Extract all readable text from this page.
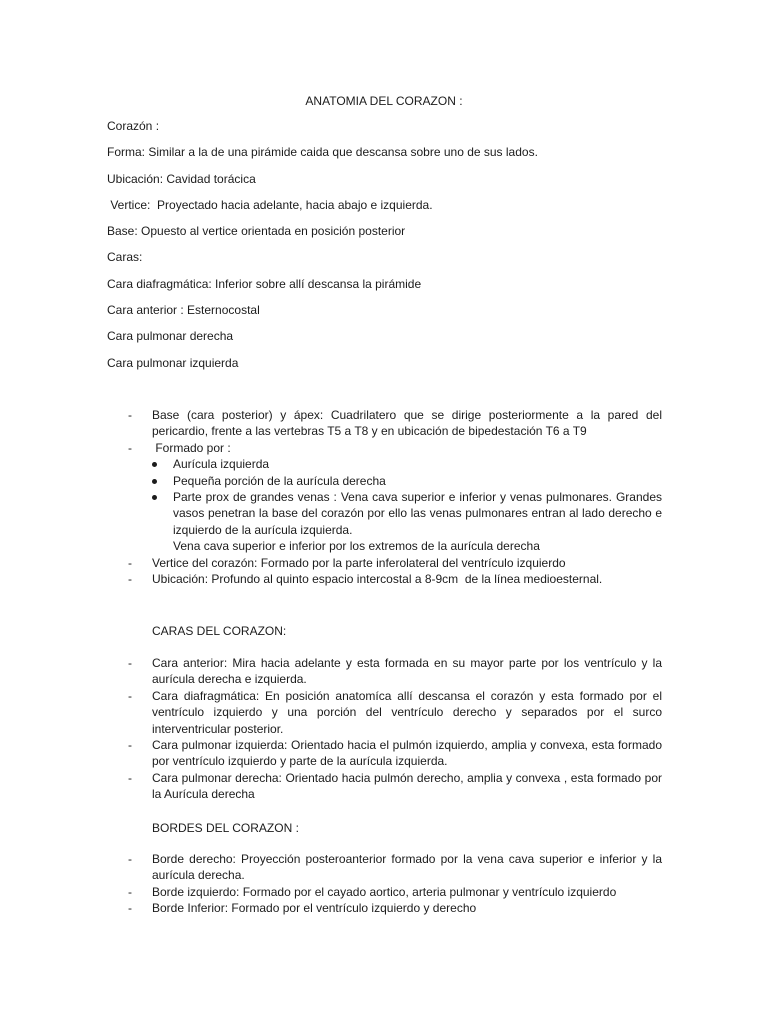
ANATOMIA DEL CORAZON :

Corazón :

Forma: Similar a la de una pirámide caida que descansa sobre uno de sus lados.

Ubicación: Cavidad torácica

Vertice:  Proyectado hacia adelante, hacia abajo e izquierda.

Base: Opuesto al vertice orientada en posición posterior

Caras:

Cara diafragmática: Inferior sobre allí descansa la pirámide

Cara anterior : Esternocostal

Cara pulmonar derecha

Cara pulmonar izquierda

- Base (cara posterior) y ápex: Cuadrilatero que se dirige posteriormente a la pared del pericardio, frente a las vertebras T5 a T8 y en ubicación de bipedestación T6 a T9
-  Formado por :
Aurícula izquierda
Pequeña porción de la aurícula derecha
Parte prox de grandes venas : Vena cava superior e inferior y venas pulmonares. Grandes vasos penetran la base del corazón por ello las venas pulmonares entran al lado derecho e izquierdo de la aurícula izquierda.
Vena cava superior e inferior por los extremos de la aurícula derecha
- Vertice del corazón: Formado por la parte inferolateral del ventrículo izquierdo
- Ubicación: Profundo al quinto espacio intercostal a 8-9cm  de la línea medioesternal.
CARAS DEL CORAZON:
- Cara anterior: Mira hacia adelante y esta formada en su mayor parte por los ventrículo y la aurícula derecha e izquierda.
- Cara diafragmática: En posición anatomíca allí descansa el corazón y esta formado por el ventrículo izquierdo y una porción del ventrículo derecho y separados por el surco interventricular posterior.
- Cara pulmonar izquierda: Orientado hacia el pulmón izquierdo, amplia y convexa, esta formado por ventrículo izquierdo y parte de la aurícula izquierda.
- Cara pulmonar derecha: Orientado hacia pulmón derecho, amplia y convexa , esta formado por la Aurícula derecha
BORDES DEL CORAZON :
- Borde derecho: Proyección posteroanterior formado por la vena cava superior e inferior y la aurícula derecha.
- Borde izquierdo: Formado por el cayado aortico, arteria pulmonar y ventrículo izquierdo
- Borde Inferior: Formado por el ventrículo izquierdo y derecho
